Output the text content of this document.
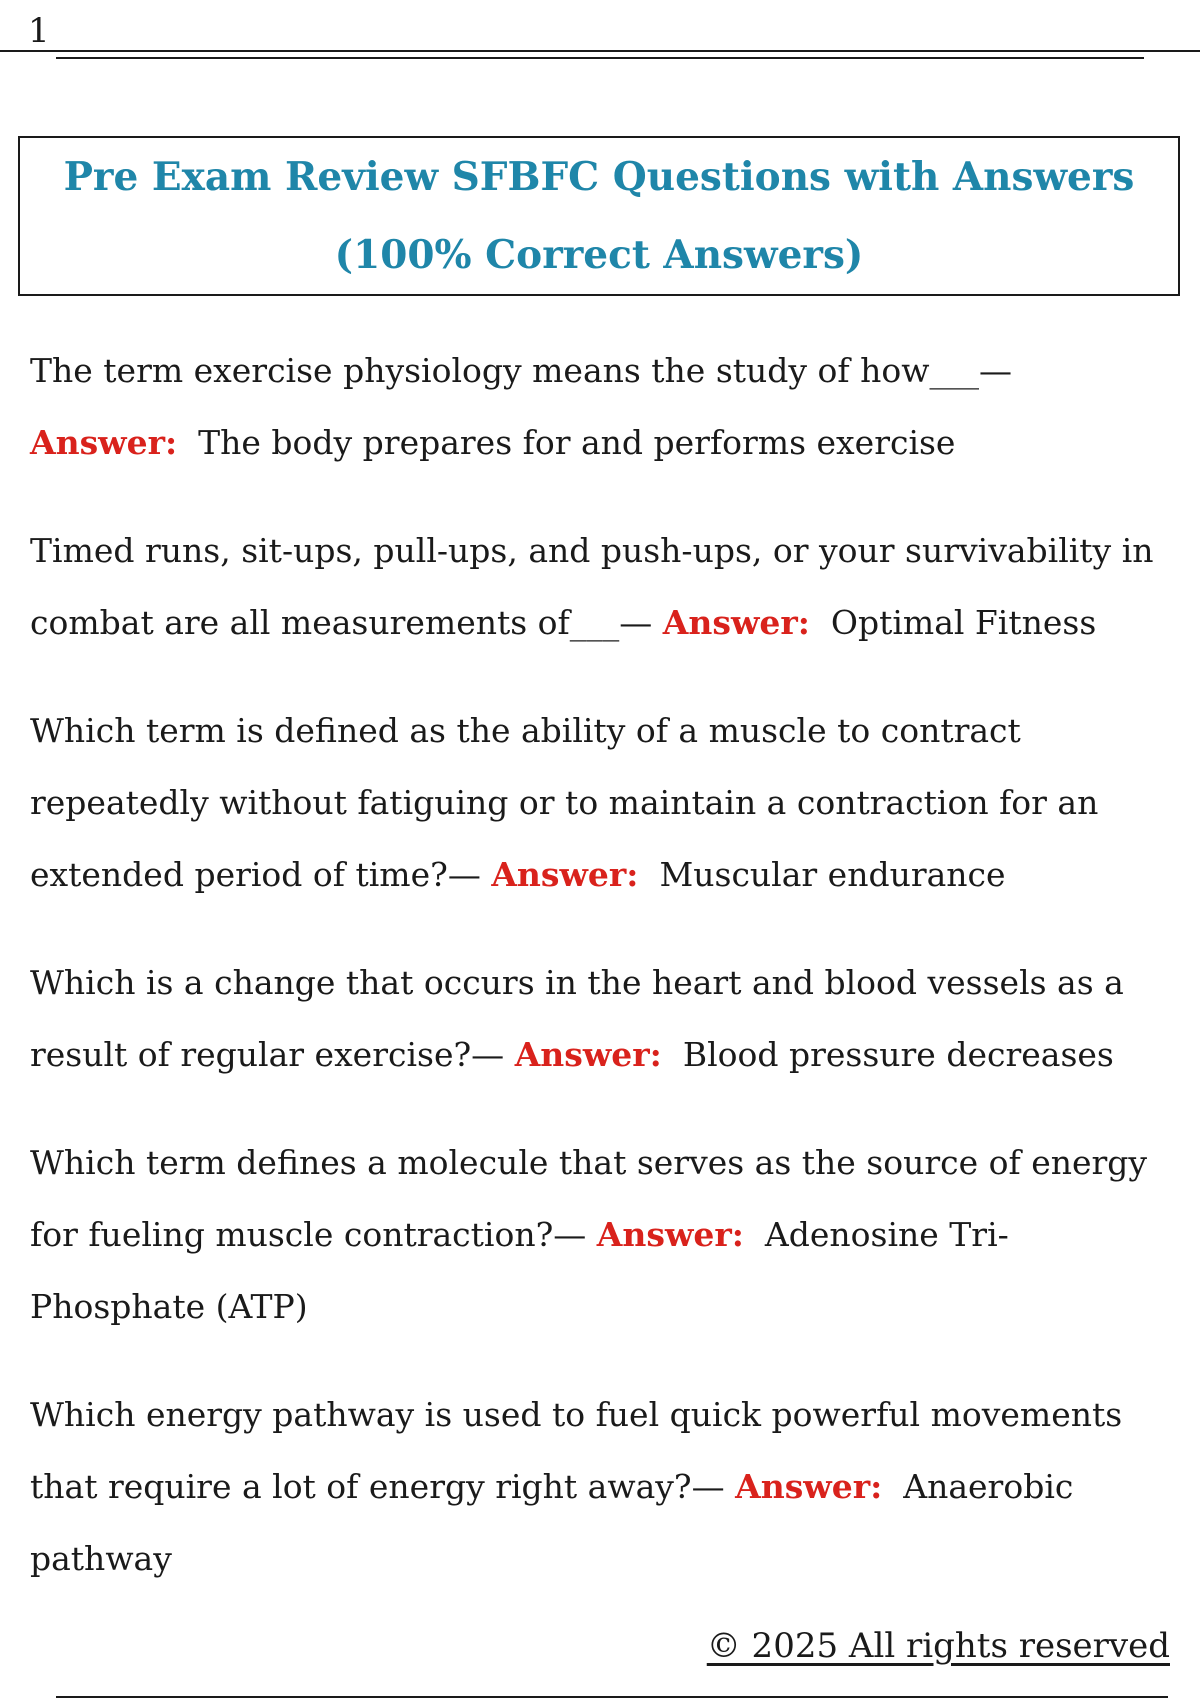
1
Pre Exam Review SFBFC Questions with Answers (100% Correct Answers)

The term exercise physiology means the study of how___— Answer: The body prepares for and performs exercise

Timed runs, sit-ups, pull-ups, and push-ups, or your survivability in combat are all measurements of___— Answer: Optimal Fitness

Which term is defined as the ability of a muscle to contract repeatedly without fatiguing or to maintain a contraction for an extended period of time?— Answer: Muscular endurance

Which is a change that occurs in the heart and blood vessels as a result of regular exercise?— Answer: Blood pressure decreases

Which term defines a molecule that serves as the source of energy for fueling muscle contraction?— Answer: Adenosine Tri-Phosphate (ATP)

Which energy pathway is used to fuel quick powerful movements that require a lot of energy right away?— Answer: Anaerobic pathway

© 2025 All rights reserved
